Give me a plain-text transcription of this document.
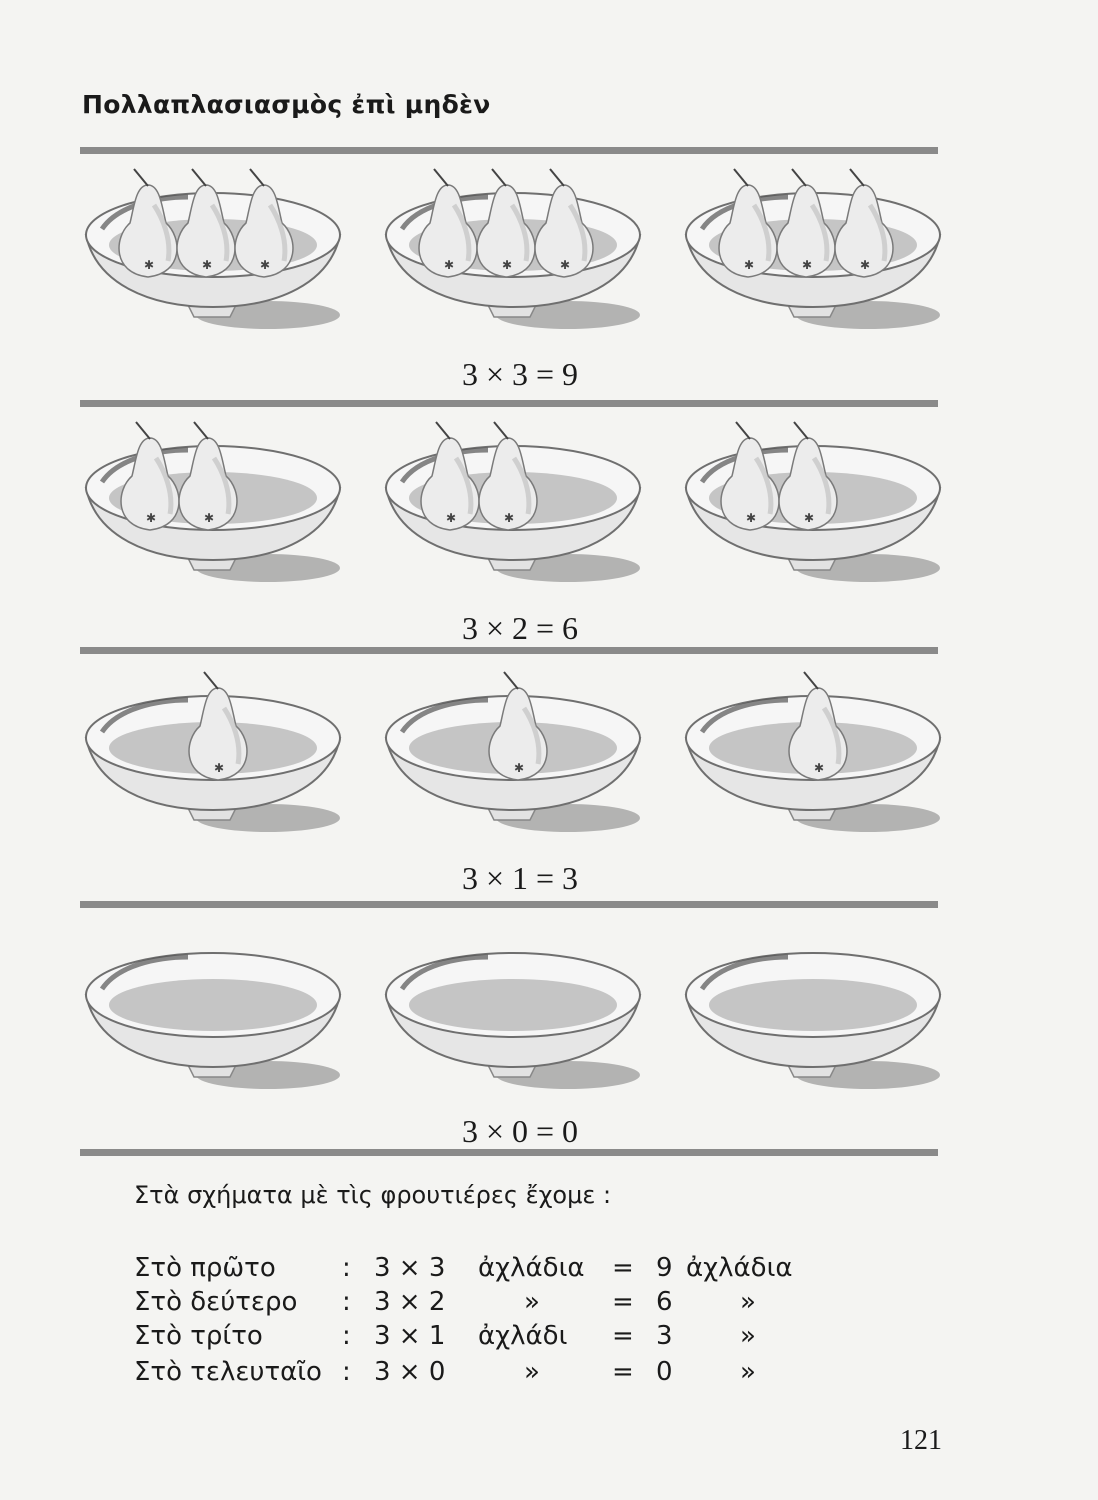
Πολλαπλασιασμὸς ἐπὶ μηδὲν
✱	✱	✱	✱	✱	✱	✱	✱	✱
3 × 3 = 9
✱	✱	✱	✱	✱	✱
3 × 2 = 6
✱	✱	✱
3 × 1 = 3
3 × 0 = 0
Στὰ σχήματα μὲ τὶς φρουτιέρες ἔχομε :
Στὸ πρῶτο	: 3 × 3 ἀχλάδια = 9 ἀχλάδια
Στὸ δεύτερο : 3 × 2	»	= 6	»
Στὸ τρίτο	: 3 × 1 ἀχλάδι = 3	»
Στὸ τελευταῖο : 3 × 0	»	= 0	»
121
